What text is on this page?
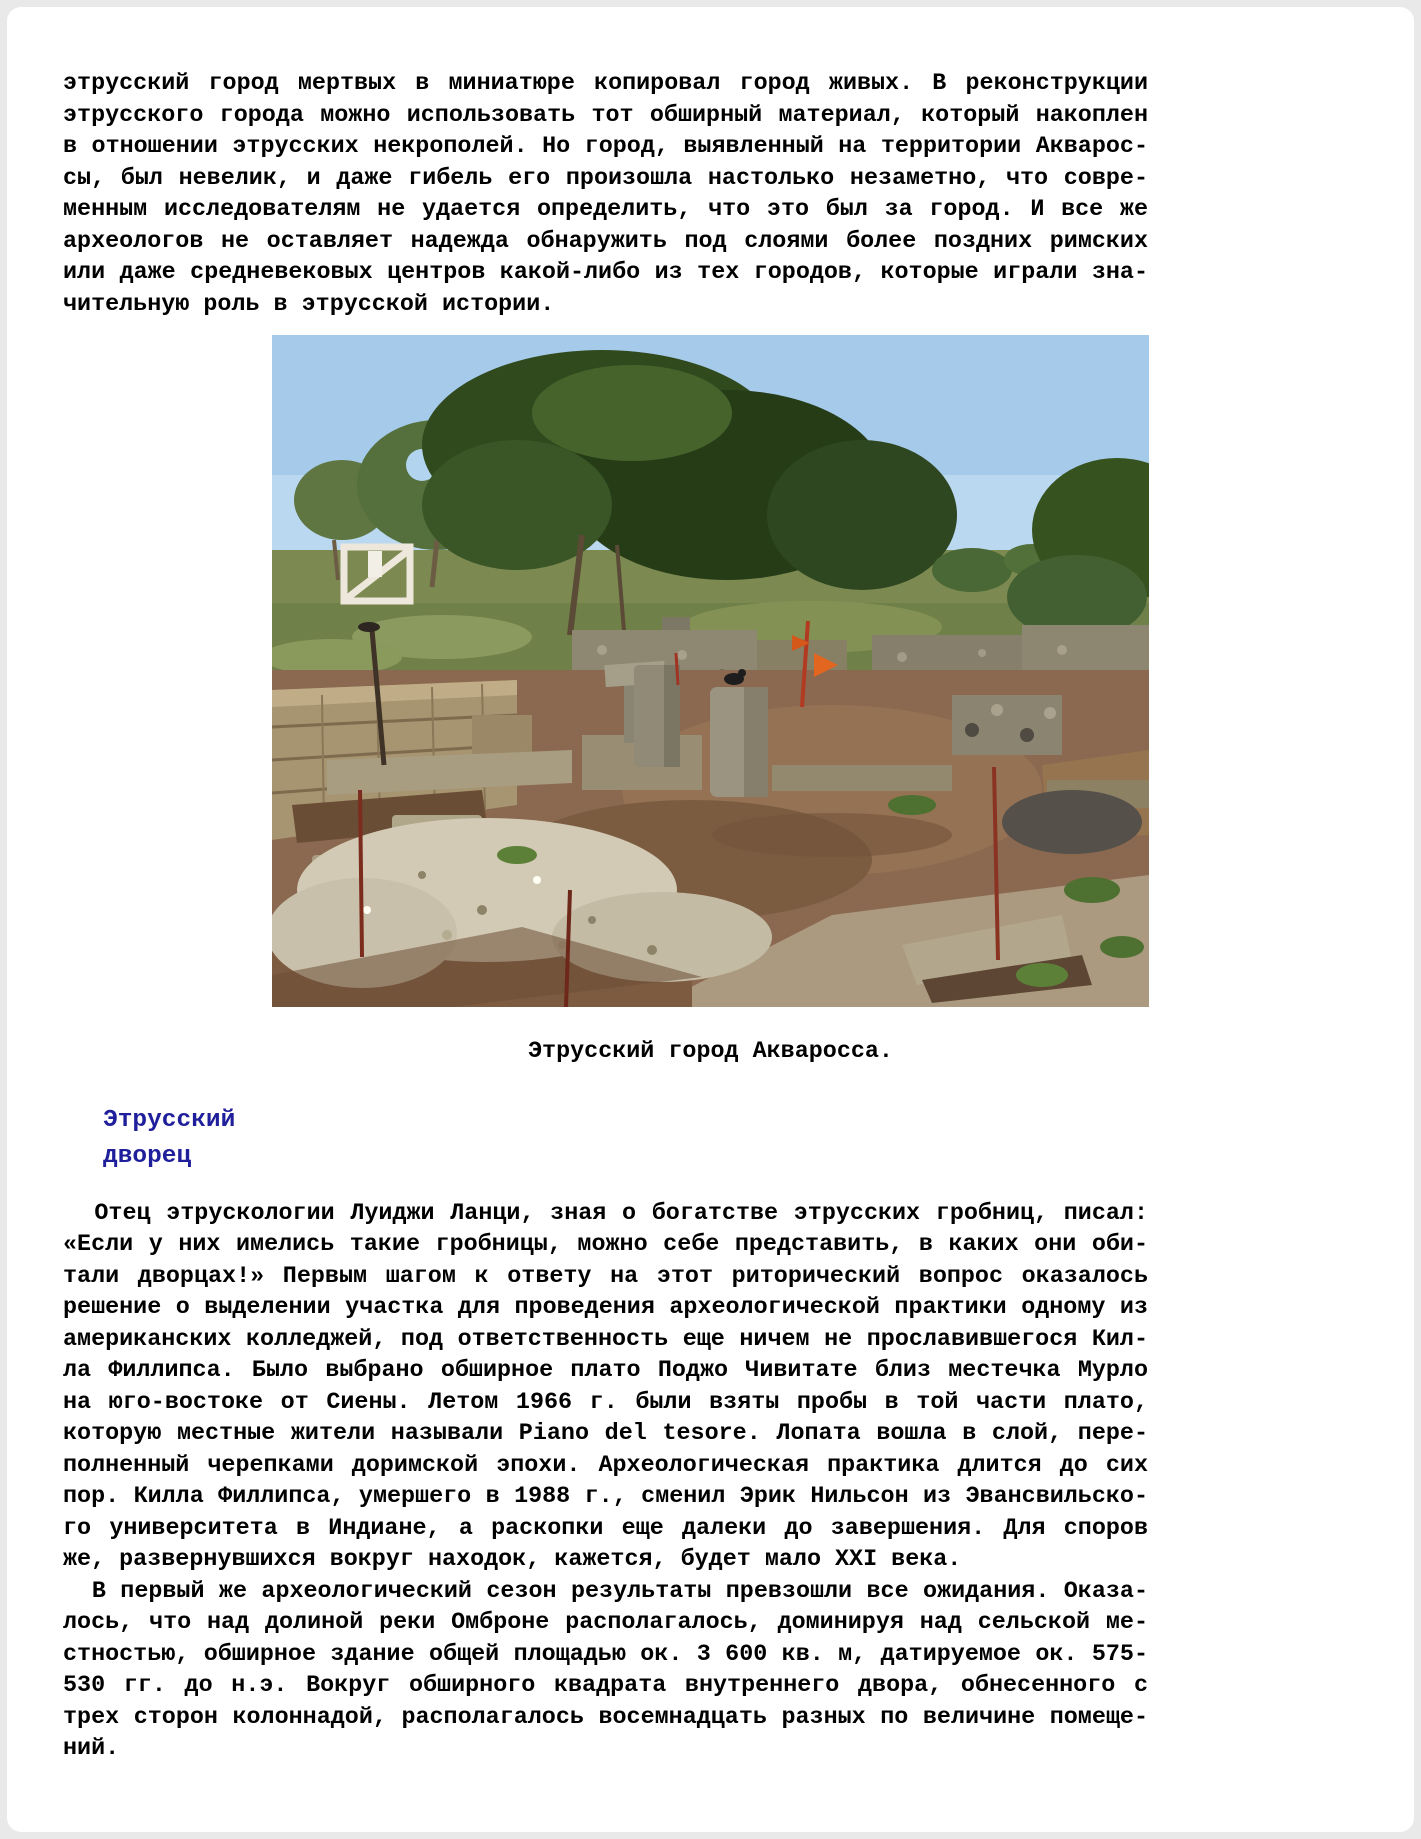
этрусский город мертвых в миниатюре копировал город живых. В реконструкции
этрусского города можно использовать тот обширный материал, который накоплен
в отношении этрусских некрополей. Но город, выявленный на территории Акварос-
сы, был невелик, и даже гибель его произошла настолько незаметно, что совре-
менным исследователям не удается определить, что это был за город. И все же
археологов не оставляет надежда обнаружить под слоями более поздних римских
или даже средневековых центров какой-либо из тех городов, которые играли зна-
чительную роль в этрусской истории.
Этрусский город Акваросса.
Этрусский
дворец
Отец этрускологии Луиджи Ланци, зная о богатстве этрусских гробниц, писал:
«Если у них имелись такие гробницы, можно себе представить, в каких они оби-
тали дворцах!» Первым шагом к ответу на этот риторический вопрос оказалось
решение о выделении участка для проведения археологической практики одному из
американских колледжей, под ответственность еще ничем не прославившегося Кил-
ла Филлипса. Было выбрано обширное плато Поджо Чивитате близ местечка Мурло
на юго-востоке от Сиены. Летом 1966 г. были взяты пробы в той части плато,
которую местные жители называли Piano del tesore. Лопата вошла в слой, пере-
полненный черепками доримской эпохи. Археологическая практика длится до сих
пор. Килла Филлипса, умершего в 1988 г., сменил Эрик Нильсон из Эвансвильско-
го университета в Индиане, а раскопки еще далеки до завершения. Для споров
же, развернувшихся вокруг находок, кажется, будет мало XXI века.
В первый же археологический сезон результаты превзошли все ожидания. Оказа-
лось, что над долиной реки Омброне располагалось, доминируя над сельской ме-
стностью, обширное здание общей площадью ок. 3 600 кв. м, датируемое ок. 575-
530 гг. до н.э. Вокруг обширного квадрата внутреннего двора, обнесенного с
трех сторон колоннадой, располагалось восемнадцать разных по величине помеще-
ний.
